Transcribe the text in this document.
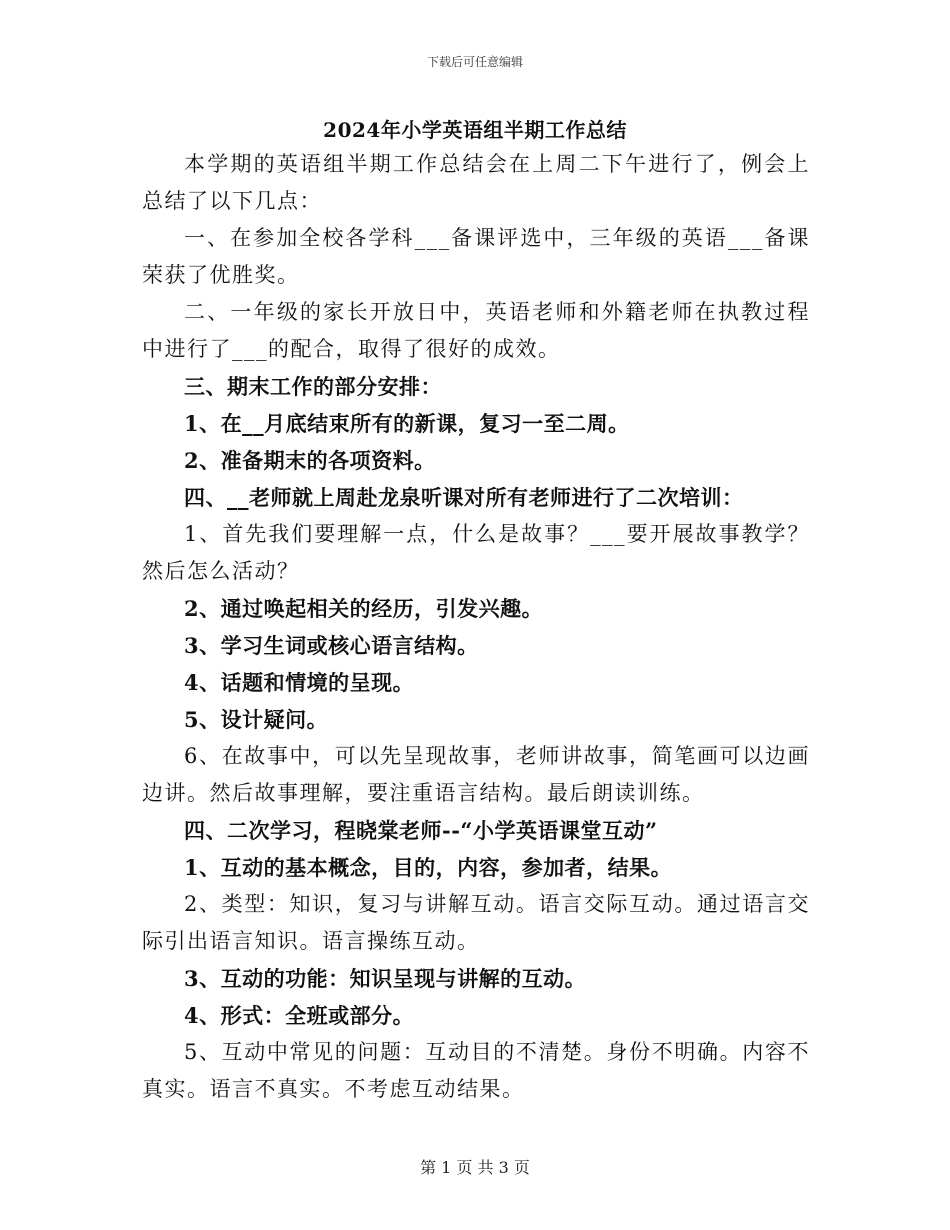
下载后可任意编辑
2024年小学英语组半期工作总结

本学期的英语组半期工作总结会在上周二下午进行了，例会上总结了以下几点：

一、在参加全校各学科___备课评选中，三年级的英语___备课荣获了优胜奖。

二、一年级的家长开放日中，英语老师和外籍老师在执教过程中进行了___的配合，取得了很好的成效。

三、期末工作的部分安排：

1、在__月底结束所有的新课，复习一至二周。

2、准备期末的各项资料。

四、__老师就上周赴龙泉听课对所有老师进行了二次培训：

1、首先我们要理解一点，什么是故事？___要开展故事教学？然后怎么活动？

2、通过唤起相关的经历，引发兴趣。

3、学习生词或核心语言结构。

4、话题和情境的呈现。

5、设计疑问。

6、在故事中，可以先呈现故事，老师讲故事，简笔画可以边画边讲。然后故事理解，要注重语言结构。最后朗读训练。

四、二次学习，程晓棠老师--“小学英语课堂互动”

1、互动的基本概念，目的，内容，参加者，结果。

2、类型：知识，复习与讲解互动。语言交际互动。通过语言交际引出语言知识。语言操练互动。

3、互动的功能：知识呈现与讲解的互动。

4、形式：全班或部分。

5、互动中常见的问题：互动目的不清楚。身份不明确。内容不真实。语言不真实。不考虑互动结果。

第 1 页 共 3 页
